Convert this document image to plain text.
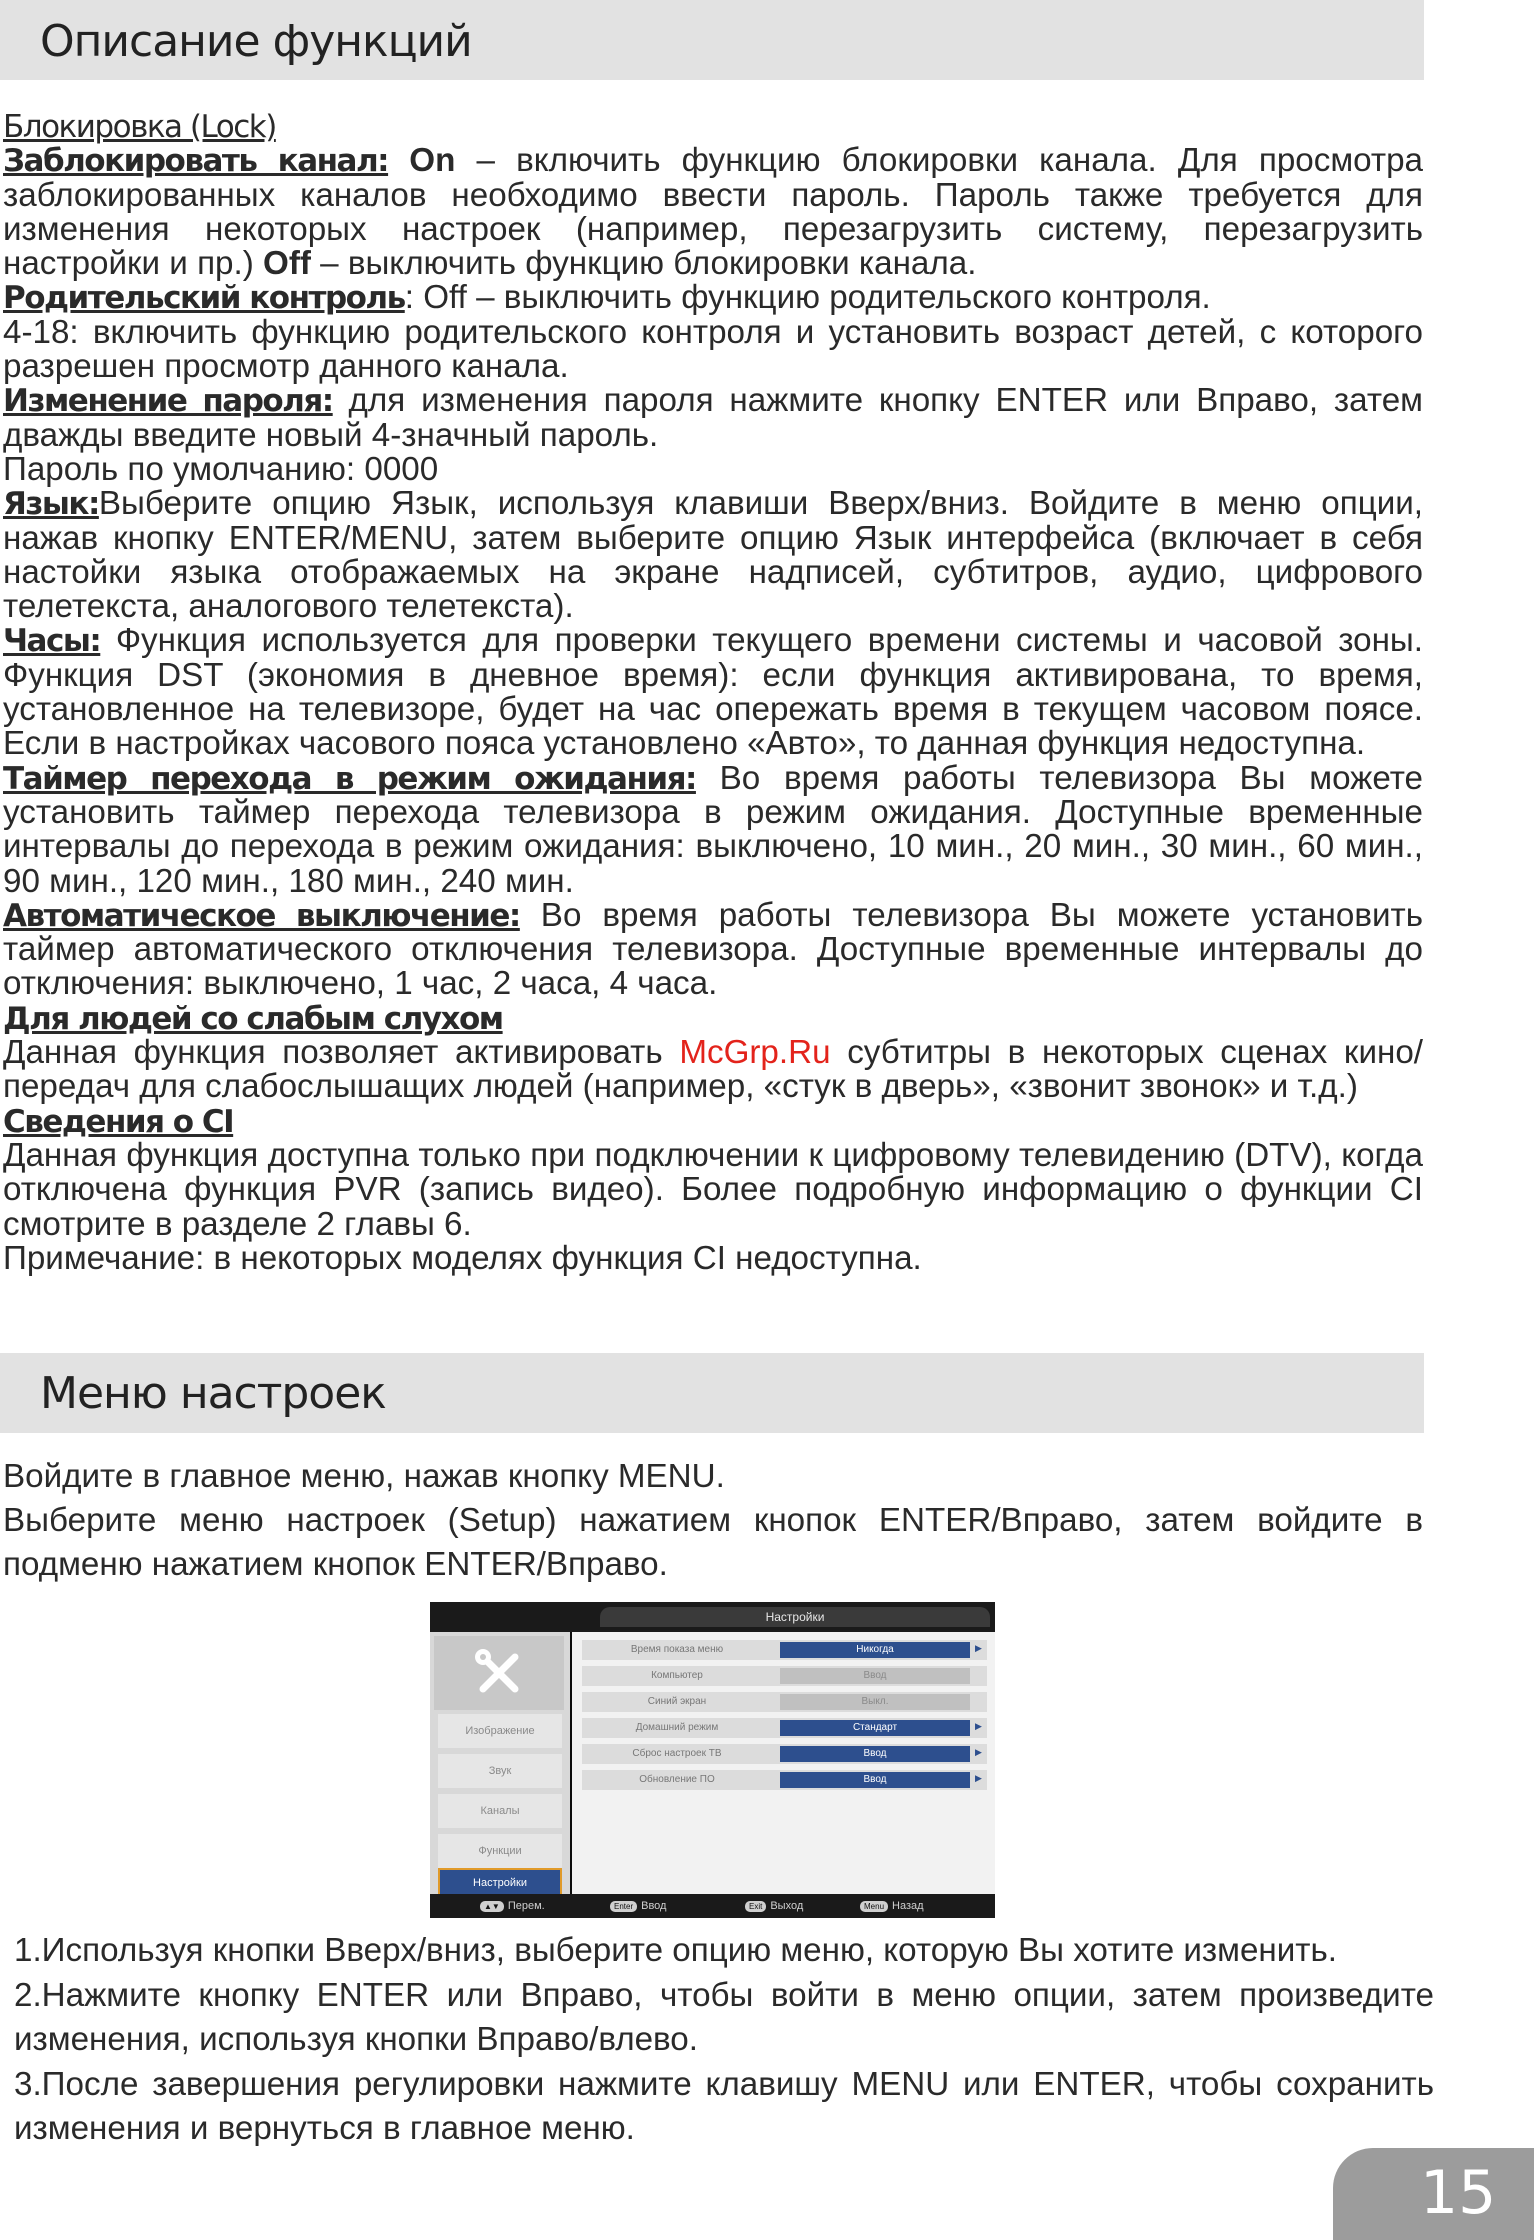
Описание функций

Блокировка (Lock)

Заблокировать канал: On – включить функцию блокировки канала. Для просмотра заблокированных каналов необходимо ввести пароль. Пароль также требуется для изменения некоторых настроек (например, перезагрузить систему, перезагрузить настройки и пр.) Off – выключить функцию блокировки канала.

Родительский контроль: Off – выключить функцию родительского контроля.

4-18: включить функцию родительского контроля и установить возраст детей, с которого разрешен просмотр данного канала.

Изменение пароля: для изменения пароля нажмите кнопку ENTER или Вправо, затем дважды введите новый 4-значный пароль.

Пароль по умолчанию: 0000

Язык:Выберите опцию Язык, используя клавиши Вверх/вниз. Войдите в меню опции, нажав кнопку ENTER/MENU, затем выберите опцию Язык интерфейса (включает в себя настойки языка отображаемых на экране надписей, субтитров, аудио, цифрового телетекста, аналогового телетекста).

Часы: Функция используется для проверки текущего времени системы и часовой зоны. Функция DST (экономия в дневное время): если функция активирована, то время, установленное на телевизоре, будет на час опережать время в текущем часовом поясе. Если в настройках часового пояса установлено «Авто», то данная функция недоступна.

Таймер перехода в режим ожидания: Во время работы телевизора Вы можете установить таймер перехода телевизора в режим ожидания. Доступные временные интервалы до перехода в режим ожидания: выключено, 10 мин., 20 мин., 30 мин., 60 мин., 90 мин., 120 мин., 180 мин., 240 мин.

Автоматическое выключение: Во время работы телевизора Вы можете установить таймер автоматического отключения телевизора. Доступные временные интервалы до отключения: выключено, 1 час, 2 часа, 4 часа.

Для людей со слабым слухом

Данная функция позволяет активировать McGrp.Ru субтитры в некоторых сценах кино/передач для слабослышащих людей (например, «стук в дверь», «звонит звонок» и т.д.)

Сведения о CI

Данная функция доступна только при подключении к цифровому телевидению (DTV), когда отключена функция PVR (запись видео). Более подробную информацию о функции CI смотрите в разделе 2 главы 6.

Примечание: в некоторых моделях функция CI недоступна.

Меню настроек

Войдите в главное меню, нажав кнопку MENU.

Выберите меню настроек (Setup) нажатием кнопок ENTER/Вправо, затем войдите в подменю нажатием кнопок ENTER/Вправо.

Настройки
Изображение
Звук
Каналы
Функции
Настройки
Время показа меню	Никогда	▶
Компьютер	Ввод
Синий экран	Выкл.
Домашний режим	Стандарт	▶
Сброс настроек ТВ	Ввод	▶
Обновление ПО	Ввод	▶
▲▼ Перем.	Enter Ввод	Exit Выход	Menu Назад

1.Используя кнопки Вверх/вниз, выберите опцию меню, которую Вы хотите изменить.

2.Нажмите кнопку ENTER или Вправо, чтобы войти в меню опции, затем произведите изменения, используя кнопки Вправо/влево.

3.После завершения регулировки нажмите клавишу MENU или ENTER, чтобы сохранить изменения и вернуться в главное меню.

15
